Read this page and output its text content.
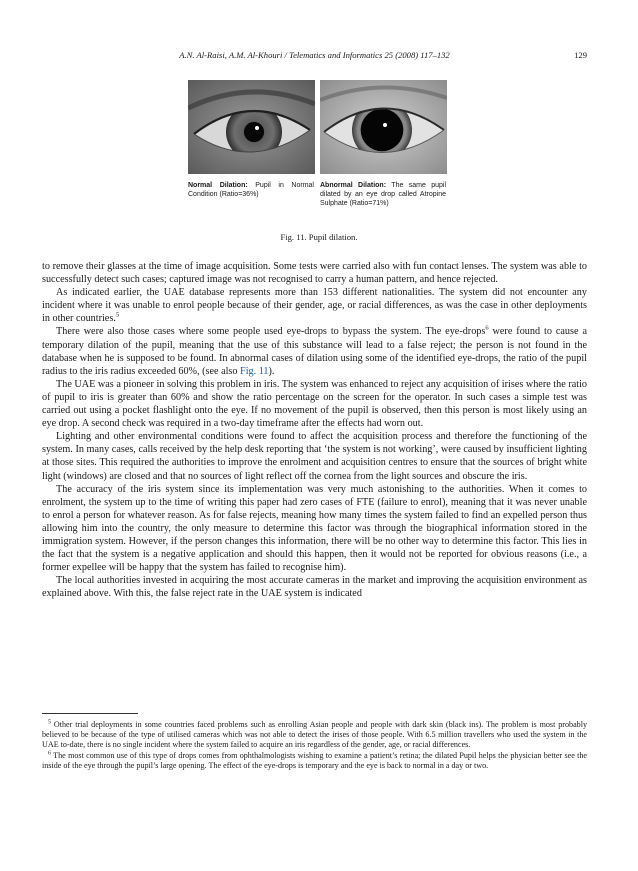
A.N. Al-Raisi, A.M. Al-Khouri / Telematics and Informatics 25 (2008) 117–132	129
Normal Dilation: Pupil in Normal Condition (Ratio=36%)
Abnormal Dilation: The same pupil dilated by an eye drop called Atropine Sulphate (Ratio=71%)
Fig. 11. Pupil dilation.

to remove their glasses at the time of image acquisition. Some tests were carried also with fun contact lenses. The system was able to successfully detect such cases; captured image was not recognised to carry a human pattern, and hence rejected.

As indicated earlier, the UAE database represents more than 153 different nationalities. The system did not encounter any incident where it was unable to enrol people because of their gender, age, or racial differences, as was the case in other deployments in other countries.$^5$

There were also those cases where some people used eye-drops to bypass the system. The eye-drops$^6$ were found to cause a temporary dilation of the pupil, meaning that the use of this substance will lead to a false reject; the person is not found in the database when he is supposed to be found. In abnormal cases of dilation using some of the identified eye-drops, the ratio of the pupil radius to the iris radius exceeded 60%, (see also Fig. 11).

The UAE was a pioneer in solving this problem in iris. The system was enhanced to reject any acquisition of irises where the ratio of pupil to iris is greater than 60% and show the ratio percentage on the screen for the operator. In such cases a simple test was carried out using a pocket flashlight onto the eye. If no movement of the pupil is observed, then this person is most likely using an eye drop. A second check was required in a two-day timeframe after the effects had worn out.

Lighting and other environmental conditions were found to affect the acquisition process and therefore the functioning of the system. In many cases, calls received by the help desk reporting that ‘the system is not working’, were caused by insufficient lighting at those sites. This required the authorities to improve the enrolment and acquisition centres to ensure that the sources of bright white light (windows) are closed and that no sources of light reflect off the cornea from the light sources and obscure the iris.

The accuracy of the iris system since its implementation was very much astonishing to the authorities. When it comes to enrolment, the system up to the time of writing this paper had zero cases of FTE (failure to enrol), meaning that it was never unable to enrol a person for whatever reason. As for false rejects, meaning how many times the system failed to find an expelled person thus allowing him into the country, the only measure to determine this factor was through the biographical information stored in the immigration system. However, if the person changes this information, there will be no other way to determine this factor. This lies in the fact that the system is a negative application and should this happen, then it would not be reported for obvious reasons (i.e., a former expellee will be happy that the system has failed to recognise him).

The local authorities invested in acquiring the most accurate cameras in the market and improving the acquisition environment as explained above. With this, the false reject rate in the UAE system is indicated

$^5$ Other trial deployments in some countries faced problems such as enrolling Asian people and people with dark skin (black ins). The problem is most probably believed to be because of the type of utilised cameras which was not able to detect the irises of those people. With 6.5 million travellers who used the system in the UAE to-date, there is no single incident where the system failed to acquire an iris regardless of the gender, age, or racial differences.

$^6$ The most common use of this type of drops comes from ophthalmologists wishing to examine a patient’s retina; the dilated Pupil helps the physician better see the inside of the eye through the pupil’s large opening. The effect of the eye-drops is temporary and the eye is back to normal in a day or two.
